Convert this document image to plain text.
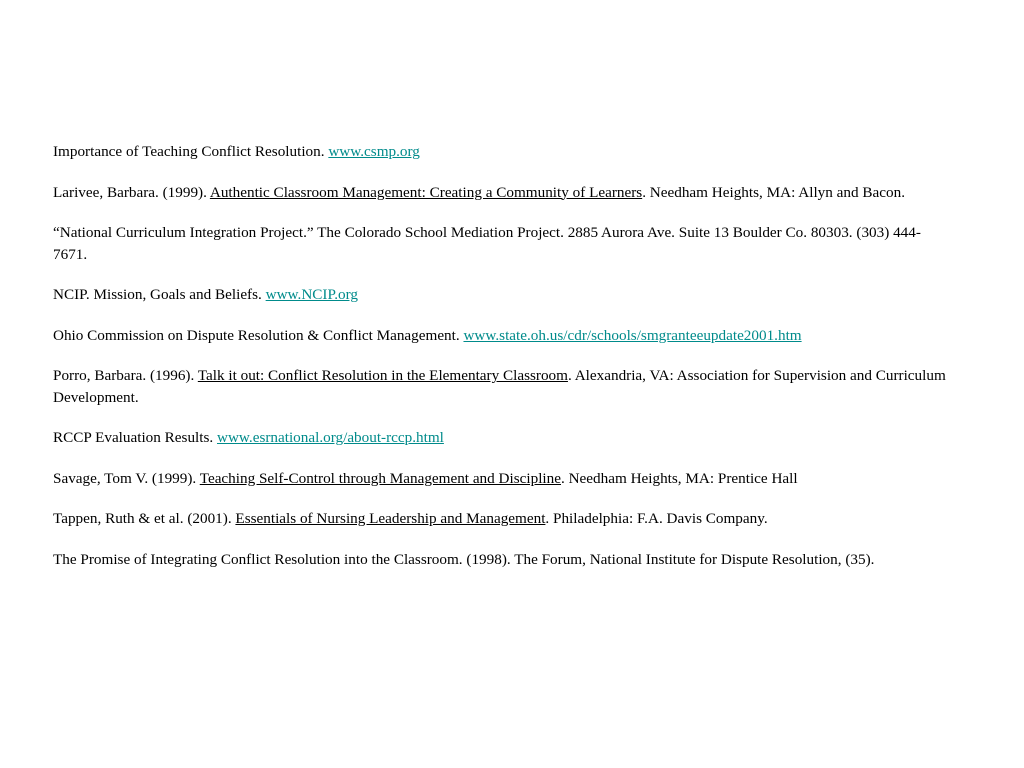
Importance of Teaching Conflict Resolution. www.csmp.org

Larivee, Barbara. (1999). Authentic Classroom Management: Creating a Community of Learners. Needham Heights, MA: Allyn and Bacon.

“National Curriculum Integration Project.” The Colorado School Mediation Project. 2885 Aurora Ave. Suite 13 Boulder Co. 80303. (303) 444-7671.

NCIP. Mission, Goals and Beliefs. www.NCIP.org

Ohio Commission on Dispute Resolution & Conflict Management. www.state.oh.us/cdr/schools/smgranteeupdate2001.htm

Porro, Barbara. (1996). Talk it out: Conflict Resolution in the Elementary Classroom. Alexandria, VA: Association for Supervision and Curriculum Development.

RCCP Evaluation Results. www.esrnational.org/about-rccp.html

Savage, Tom V. (1999). Teaching Self-Control through Management and Discipline. Needham Heights, MA: Prentice Hall

Tappen, Ruth & et al. (2001). Essentials of Nursing Leadership and Management. Philadelphia: F.A. Davis Company.

The Promise of Integrating Conflict Resolution into the Classroom. (1998). The Forum, National Institute for Dispute Resolution, (35).
